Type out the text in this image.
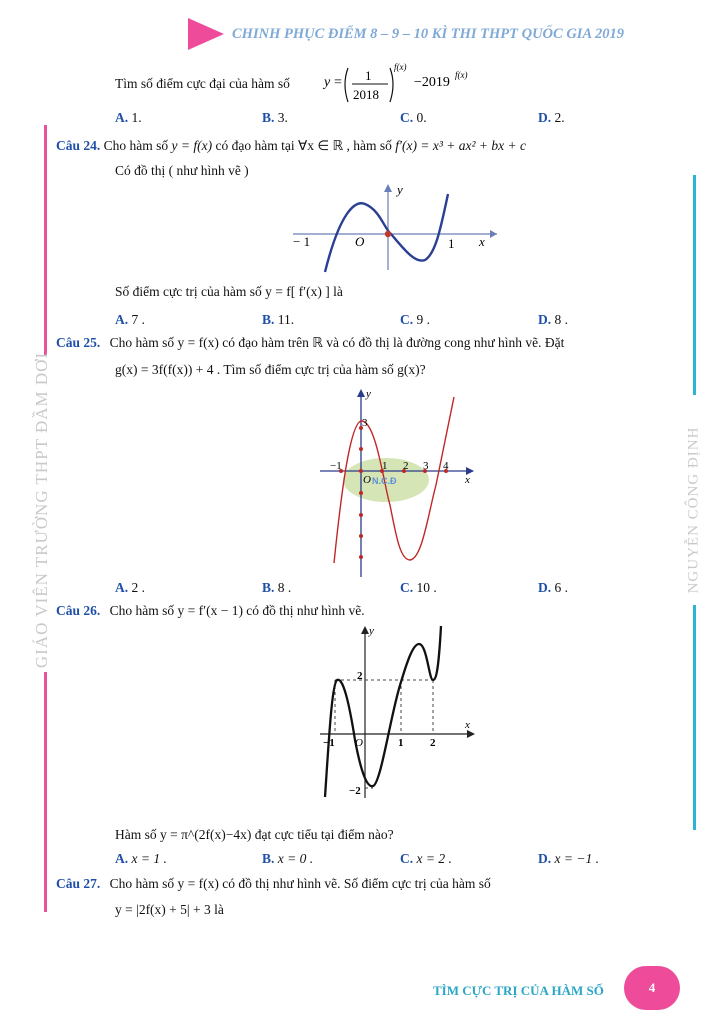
CHINH PHỤC ĐIỂM 8 – 9 – 10 KÌ THI THPT QUỐC GIA 2019
GIÁO VIÊN TRƯỜNG THPT ĐẦM DƠI	NGUYỄN CÔNG ĐỊNH
Tìm số điểm cực đại của hàm số y = 1
2018
f(x)
−2019 f(x)
A. 1.	B. 3.	C. 0.	D. 2.
Câu 24. Cho hàm số y = f(x) có đạo hàm tại ∀x ∈ ℝ , hàm số f′(x) = x³ + ax² + bx + c
Có đồ thị ( như hình vẽ )
− 1	O	1 x
y
Số điểm cực trị của hàm số y = f[ f′(x) ] là
A. 7 .	B. 11.	C. 9 .	D. 8 .
Câu 25. Cho hàm số y = f(x) có đạo hàm trên ℝ và có đồ thị là đường cong như hình vẽ. Đặt
g(x) = 3f(f(x)) + 4 . Tìm số điểm cực trị của hàm số g(x)?
y
x
3
−1	1 2 3 4
O N.C.Đ
A. 2 .	B. 8 .	C. 10 .	D. 6 .
Câu 26. Cho hàm số y = f′(x − 1) có đồ thị như hình vẽ.
y
x
2
−2
−1 O	1 2
Hàm số y = π^(2f(x)−4x) đạt cực tiểu tại điểm nào?
A. x = 1 .	B. x = 0 .	C. x = 2 .	D. x = −1 .
Câu 27. Cho hàm số y = f(x) có đồ thị như hình vẽ. Số điểm cực trị của hàm số
y = |2f(x) + 5| + 3 là
TÌM CỰC TRỊ CỦA HÀM SỐ	4
